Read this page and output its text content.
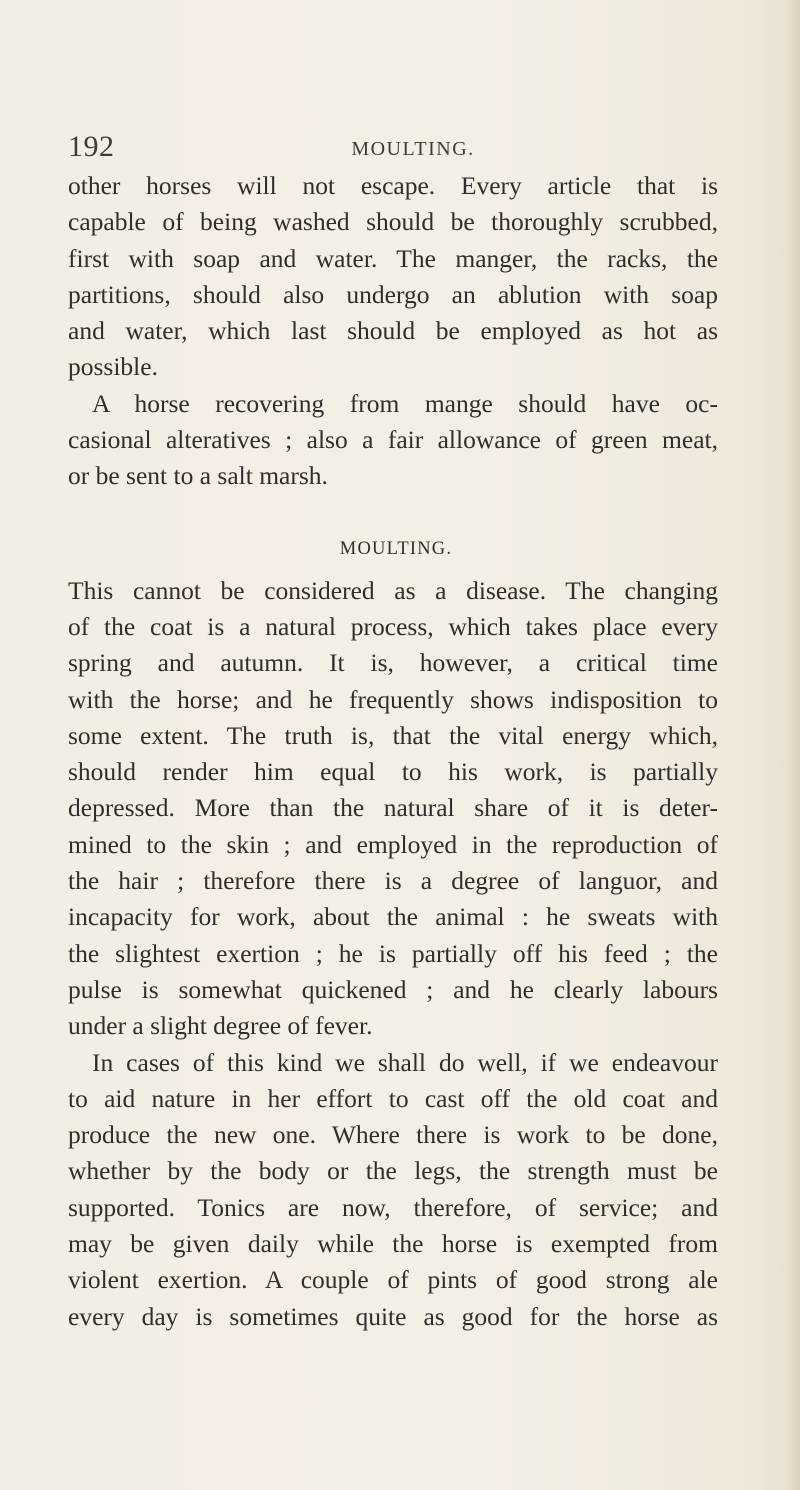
192	MOULTING.
other horses will not escape. Every article that is
capable of being washed should be thoroughly scrubbed,
first with soap and water. The manger, the racks, the
partitions, should also undergo an ablution with soap
and water, which last should be employed as hot as
possible.
A horse recovering from mange should have oc-
casional alteratives ; also a fair allowance of green meat,
or be sent to a salt marsh.
MOULTING.
This cannot be considered as a disease. The changing
of the coat is a natural process, which takes place every
spring and autumn. It is, however, a critical time
with the horse; and he frequently shows indisposition to
some extent. The truth is, that the vital energy which,
should render him equal to his work, is partially
depressed. More than the natural share of it is deter-
mined to the skin ; and employed in the reproduction of
the hair ; therefore there is a degree of languor, and
incapacity for work, about the animal : he sweats with
the slightest exertion ; he is partially off his feed ; the
pulse is somewhat quickened ; and he clearly labours
under a slight degree of fever.
In cases of this kind we shall do well, if we endeavour
to aid nature in her effort to cast off the old coat and
produce the new one. Where there is work to be done,
whether by the body or the legs, the strength must be
supported. Tonics are now, therefore, of service; and
may be given daily while the horse is exempted from
violent exertion. A couple of pints of good strong ale
every day is sometimes quite as good for the horse as
